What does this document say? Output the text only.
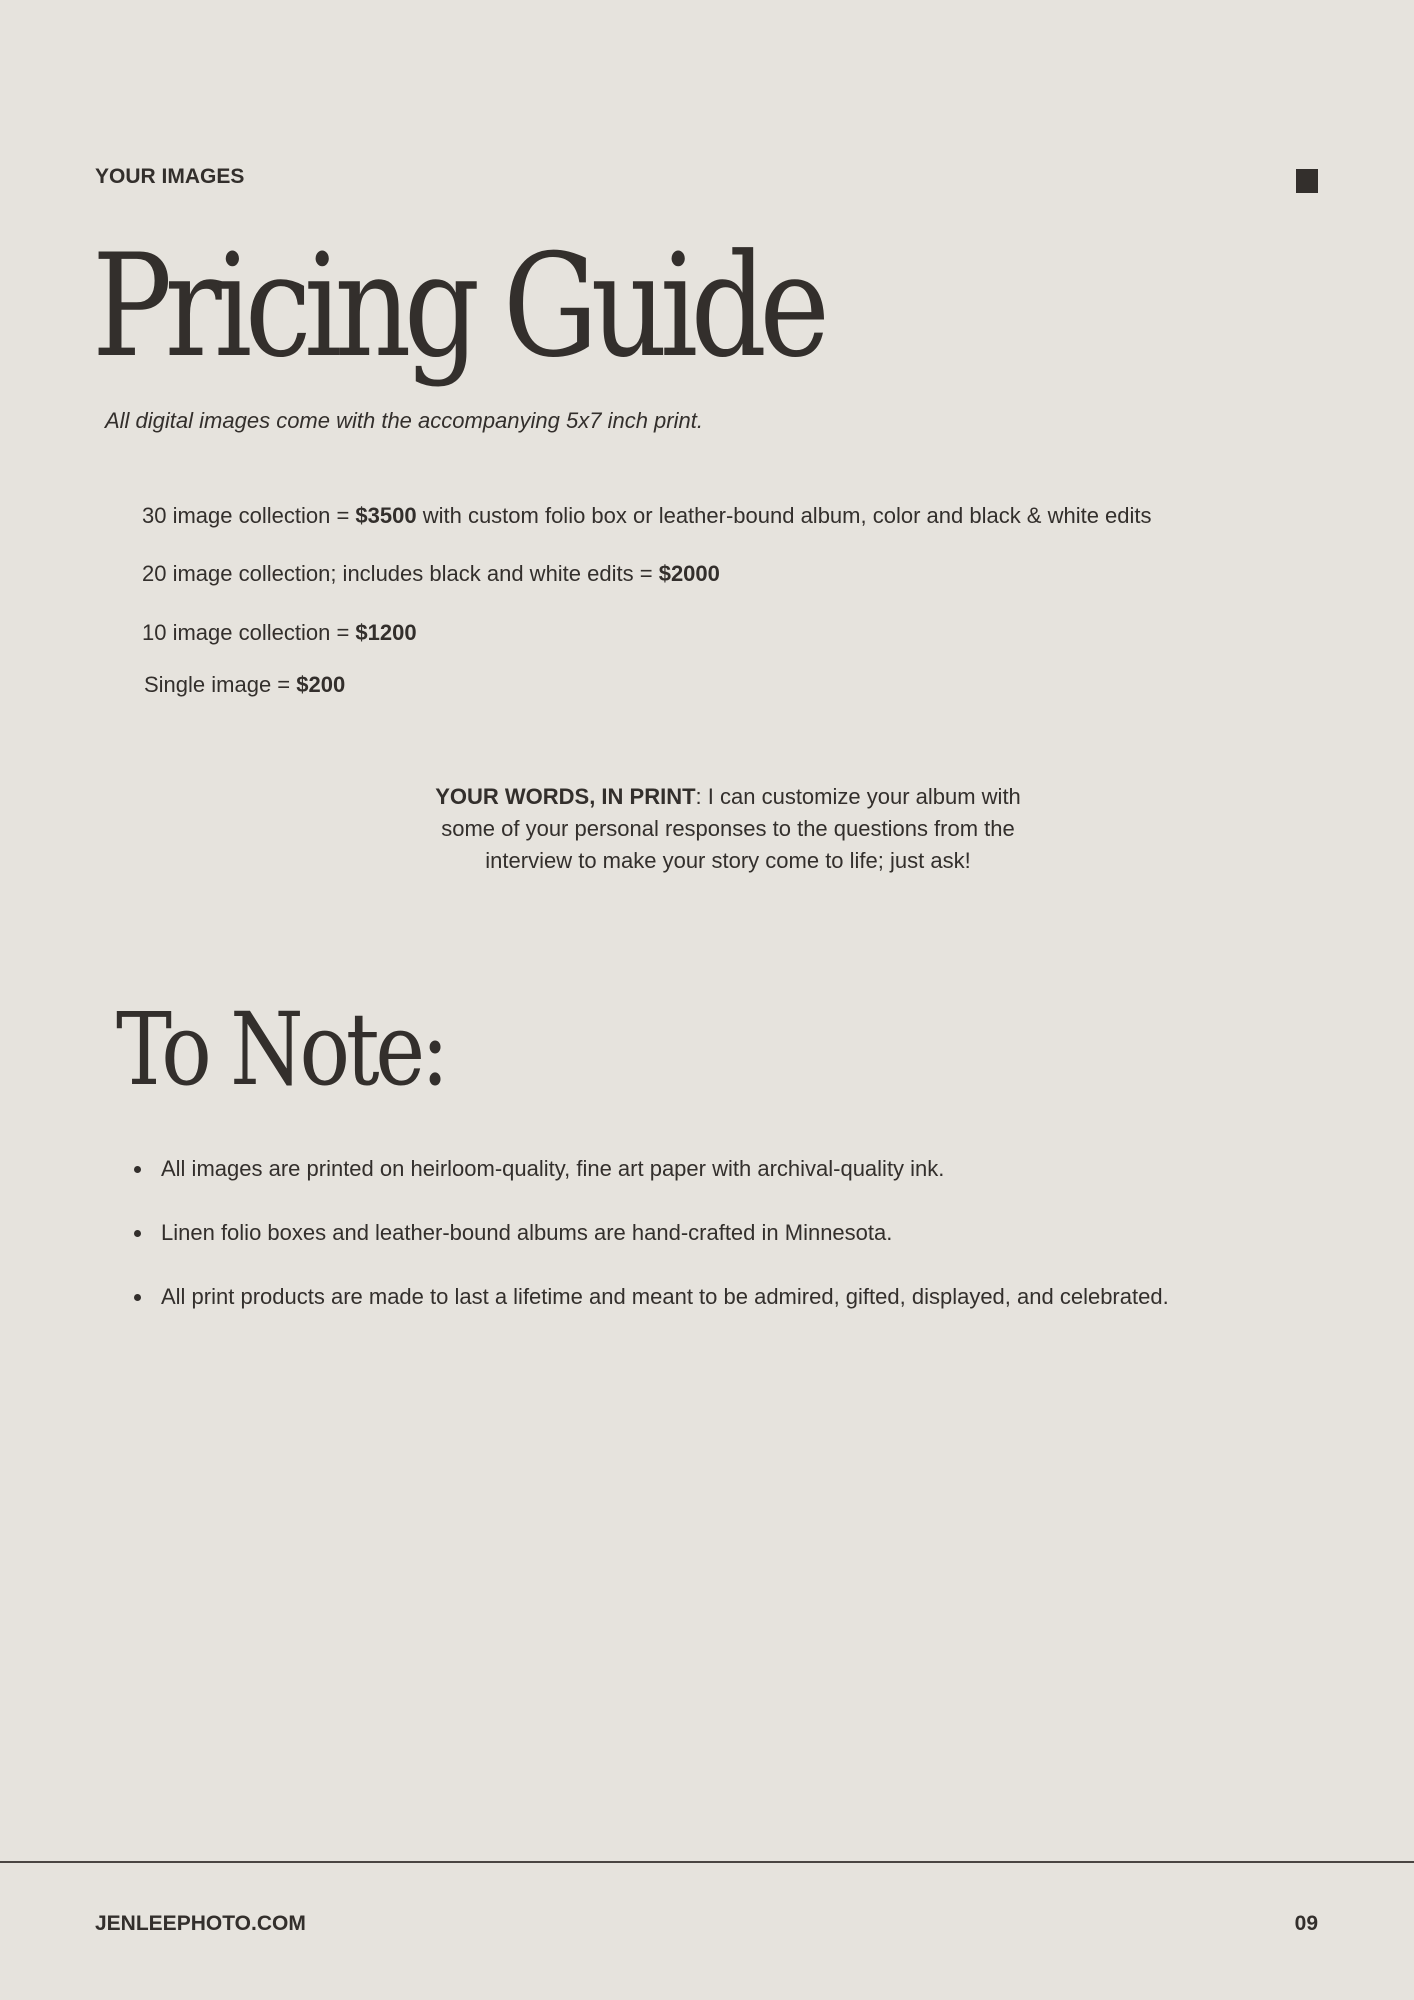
YOUR IMAGES
Pricing Guide
All digital images come with the accompanying 5x7 inch print.
30 image collection = $3500 with custom folio box or leather-bound album, color and black & white edits
20 image collection; includes black and white edits = $2000
10 image collection = $1200
Single image = $200
YOUR WORDS, IN PRINT: I can customize your album with some of your personal responses to the questions from the interview to make your story come to life; just ask!
To Note:
All images are printed on heirloom-quality, fine art paper with archival-quality ink.
Linen folio boxes and leather-bound albums are hand-crafted in Minnesota.
All print products are made to last a lifetime and meant to be admired, gifted, displayed, and celebrated.
JENLEEPHOTO.COM	09
